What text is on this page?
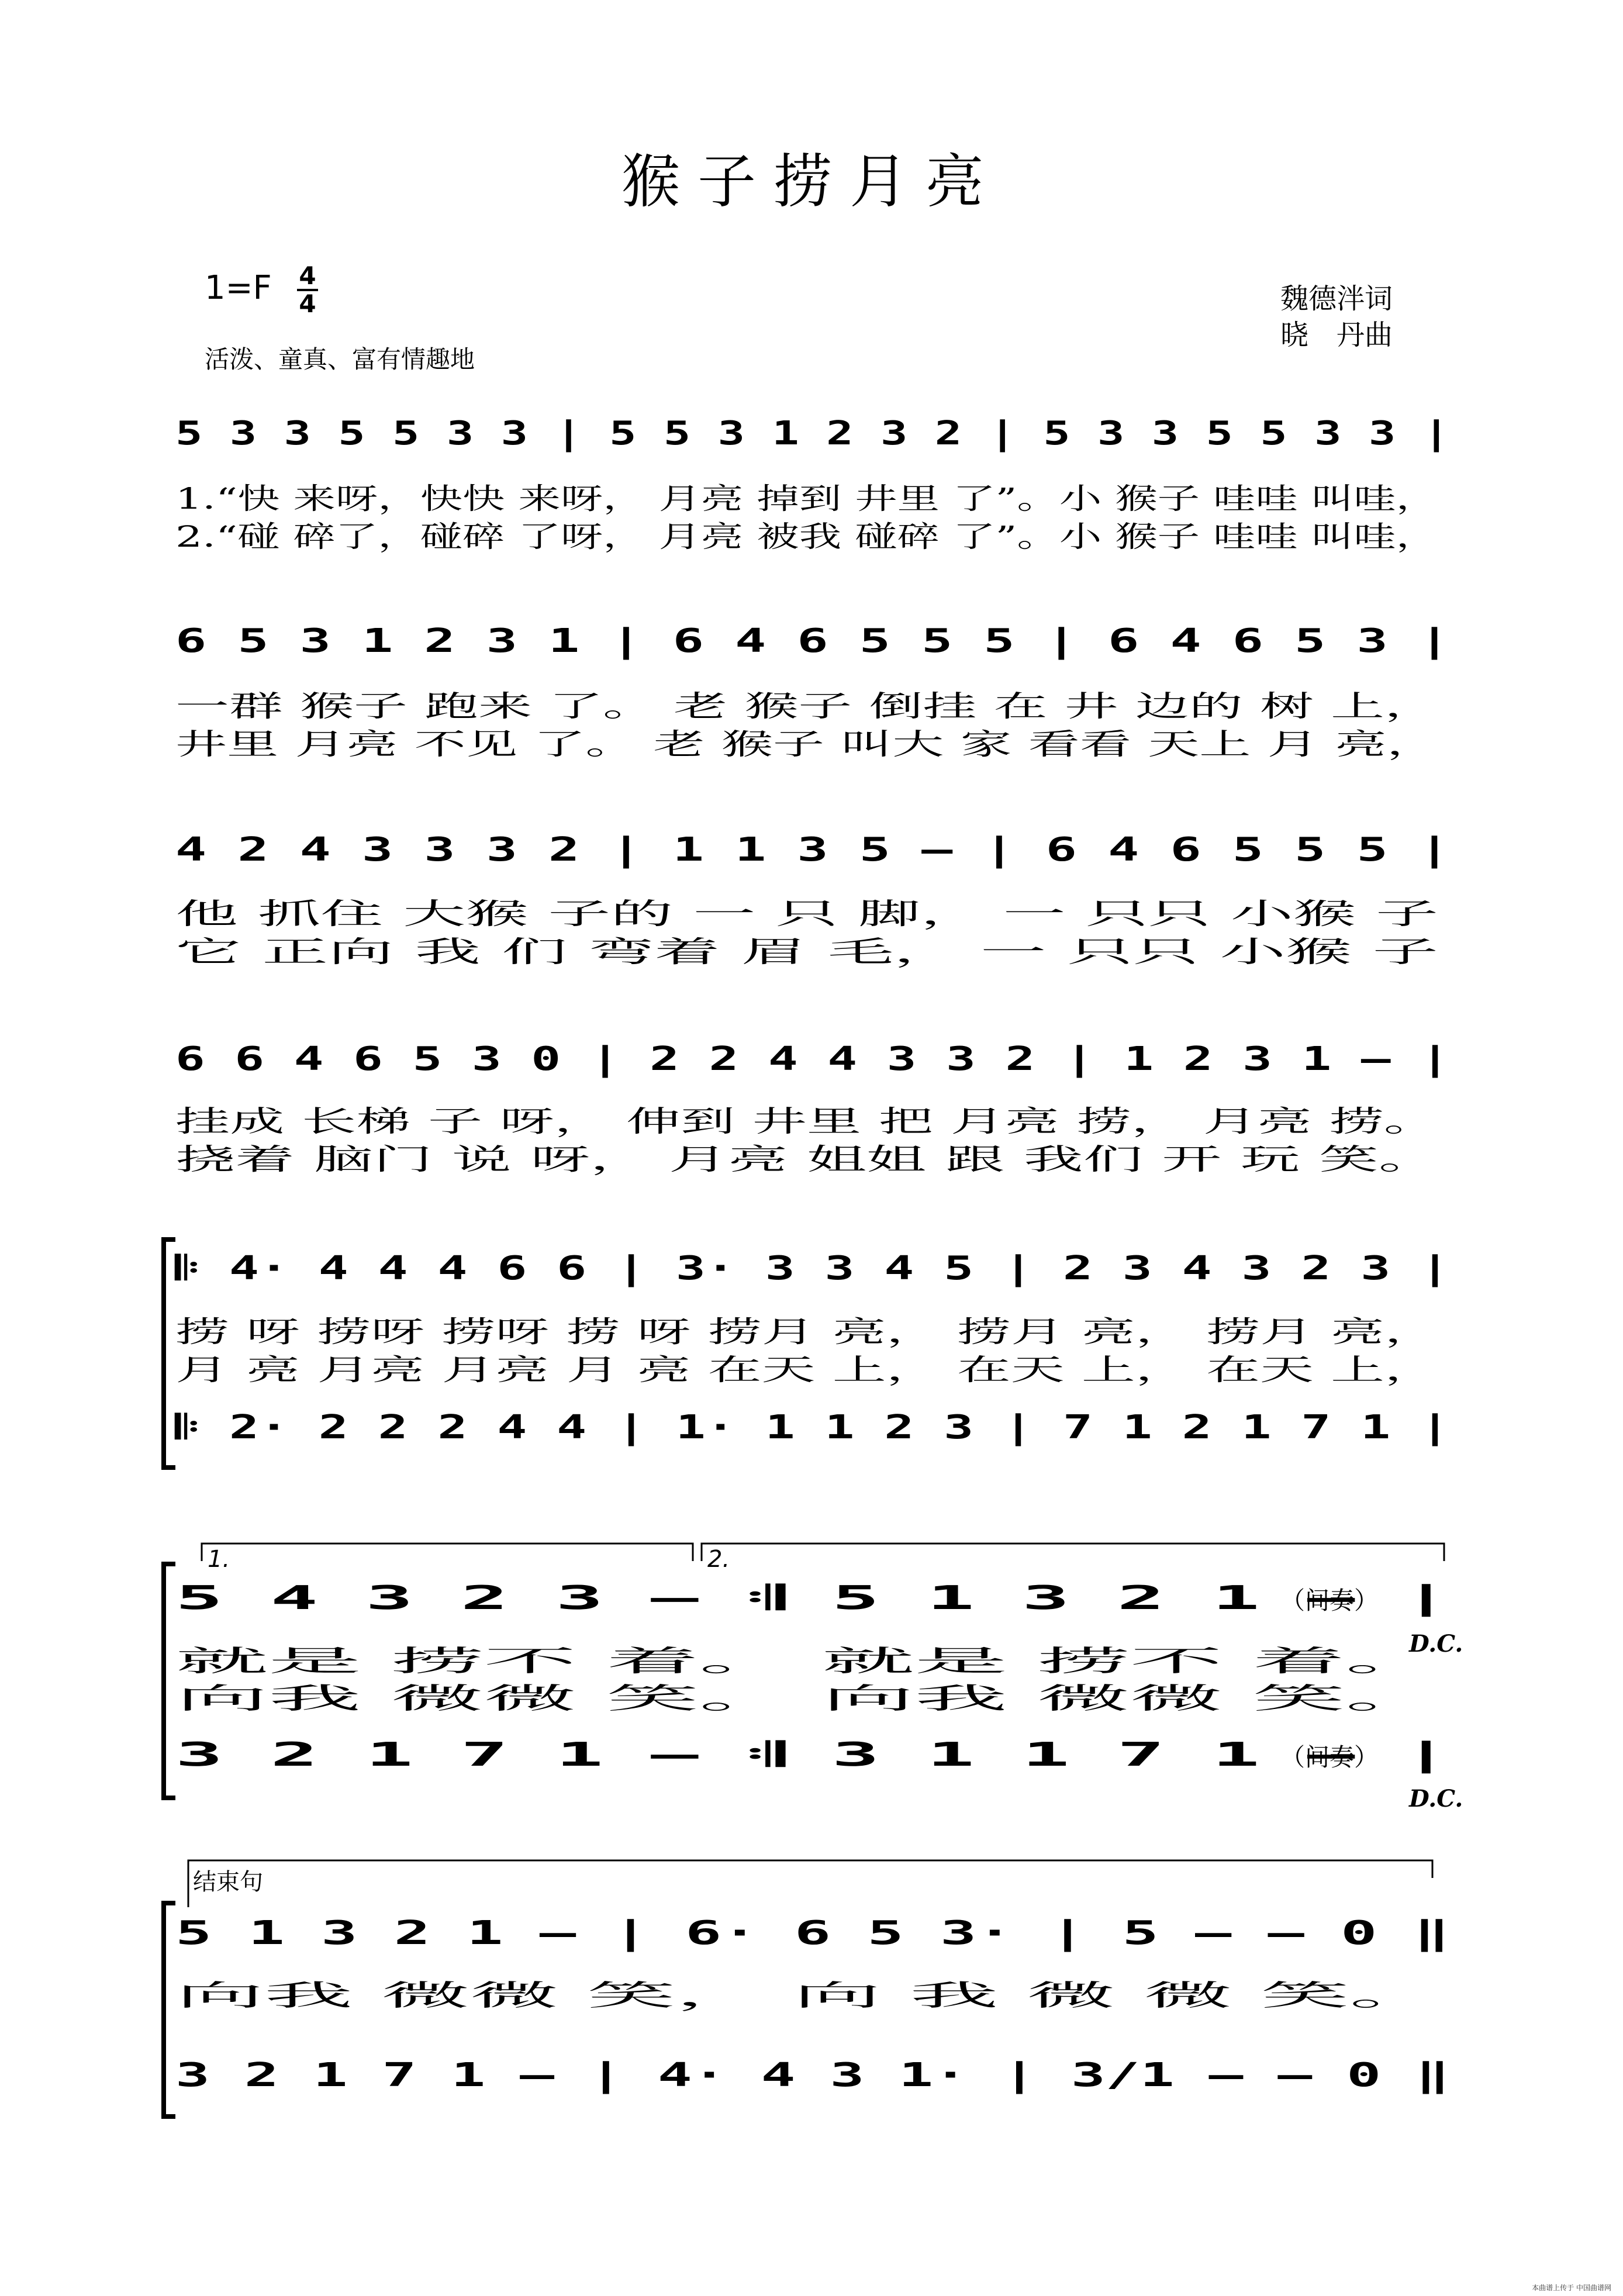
猴子捞月亮
1=F 4
4
活泼、童真、富有情趣地
魏德泮词
晓　丹曲
5 3 3 5 5 3 3 | 5 5 3 1 2 3 2 | 5 3 3 5 5 3 3 |
1.“快 来呀，快快 来呀， 月亮 掉到 井里 了”。小 猴子 哇哇 叫哇，
2.“碰 碎了，碰碎 了呀， 月亮 被我 碰碎 了”。小 猴子 哇哇 叫哇，
6 5 3 1 2 3 1 | 6 4 6 5 5 5 | 6 4 6 5 3 |
一群 猴子 跑来 了。 老 猴子 倒挂 在 井 边的 树 上，
井里 月亮 不见 了。 老 猴子 叫大 家 看看 天上 月 亮，
4 2 4 3 3 3 2 | 1 1 3 5 – | 6 4 6 5 5 5 |
他 抓住 大猴 子的 一 只 脚， 一 只只 小猴 子
它 正向 我 们 弯着 眉 毛， 一 只只 小猴 子
6 6 4 6 5 3 0 | 2 2 4 4 3 3 2 | 1 2 3 1 – |
挂成 长梯 子 呀， 伸到 井里 把 月亮 捞， 月亮 捞。
挠着 脑门 说 呀， 月亮 姐姐 跟 我们 开 玩 笑。
𝄆 4· 4 4 4 6 6 | 3· 3 3 4 5 | 2 3 4 3 2 3 |
捞 呀 捞呀 捞呀 捞 呀 捞月 亮， 捞月 亮， 捞月 亮，
月 亮 月亮 月亮 月 亮 在天 上， 在天 上， 在天 上，
𝄆 2· 2 2 2 4 4 | 1· 1 1 2 3 | 7 1 2 1 7 1 |
5 4 3 2 3 – 𝄇 5 1 3 2 1 – |
就是 捞不 着。 就是 捞不 着。
向我 微微 笑。 向我 微微 笑。
3 2 1 7 1 – 𝄇 3 1 1 7 1 – |
1.	2.
（间奏）
（间奏）
D.C.
D.C.
5 1 3 2 1 – | 6· 6 5 3· | 5 – – 0 ‖
向我 微微 笑， 向 我 微 微 笑。
3 2 1 7 1 – | 4· 4 3 1· | 3/1 – – 0 ‖
结束句
本曲谱上传于 中国曲谱网
